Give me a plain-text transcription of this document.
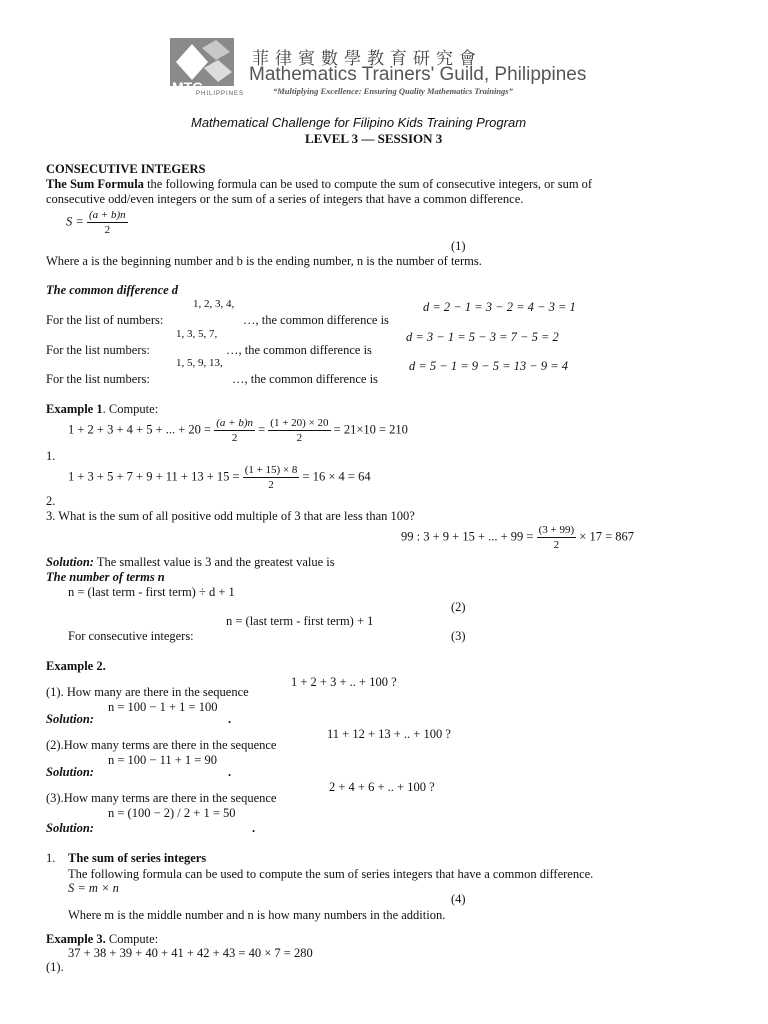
MTG
PHILIPPINES
菲律賓數學教育研究會
Mathematics Trainers' Guild, Philippines
“Multiplying Excellence: Ensuring Quality Mathematics Trainings”
Mathematical Challenge for Filipino Kids Training Program
LEVEL 3 — SESSION 3
CONSECUTIVE INTEGERS
The Sum Formula the following formula can be used to compute the sum of consecutive integers, or sum of
consecutive odd/even integers or the sum of a series of integers that have a common difference.
$S = \frac{(a + b)n}{2}$
(1)
Where a is the beginning number and b is the ending number, n is the number of terms.
The common difference d
1, 2, 3, 4,
For the list of numbers:	…, the common difference is
d = 2 − 1 = 3 − 2 = 4 − 3 = 1
1, 3, 5, 7,
For the list numbers:	…, the common difference is
d = 3 − 1 = 5 − 3 = 7 − 5 = 2
1, 5, 9, 13,
For the list numbers:	…, the common difference is
d = 5 − 1 = 9 − 5 = 13 − 9 = 4
Example 1. Compute:
1 + 2 + 3 + 4 + 5 + ... + $20 = \frac{(a + b)n}{2} = \frac{(1 + 20) \times 20}{2} = 21\times 10 = 210$
1.
$1 + 3 + 5 + 7 + 9 + 11 + 13 + 15 = \frac{(1 + 15) \times 8}{2} = 16 \times 4 = 64$
2.
3. What is the sum of all positive odd multiple of 3 that are less than 100?
99 : 3 + 9 + 15 + ... + $99 = \frac{(3 + 99)}{2} \times 17 = 867$
Solution: The smallest value is 3 and the greatest value is
The number of terms n
n = (last term - first term) ÷ d + 1
(2)
n = (last term - first term) + 1
For consecutive integers:	(3)
Example 2.
1 + 2 + 3 + .. + 100 ?
(1). How many are there in the sequence
n = 100 − 1 + 1 = 100
Solution:	.
11 + 12 + 13 + .. + 100 ?
(2).How many terms are there in the sequence
n = 100 − 11 + 1 = 90
Solution:	.
2 + 4 + 6 + .. + 100 ?
(3).How many terms are there in the sequence
n = (100 − 2) / 2 + 1 = 50
Solution:	.
1. The sum of series integers
The following formula can be used to compute the sum of series integers that have a common difference.
S = m × n
(4)
Where m is the middle number and n is how many numbers in the addition.
Example 3. Compute:
37 + 38 + 39 + 40 + 41 + 42 + 43 = 40 × 7 = 280
(1).
